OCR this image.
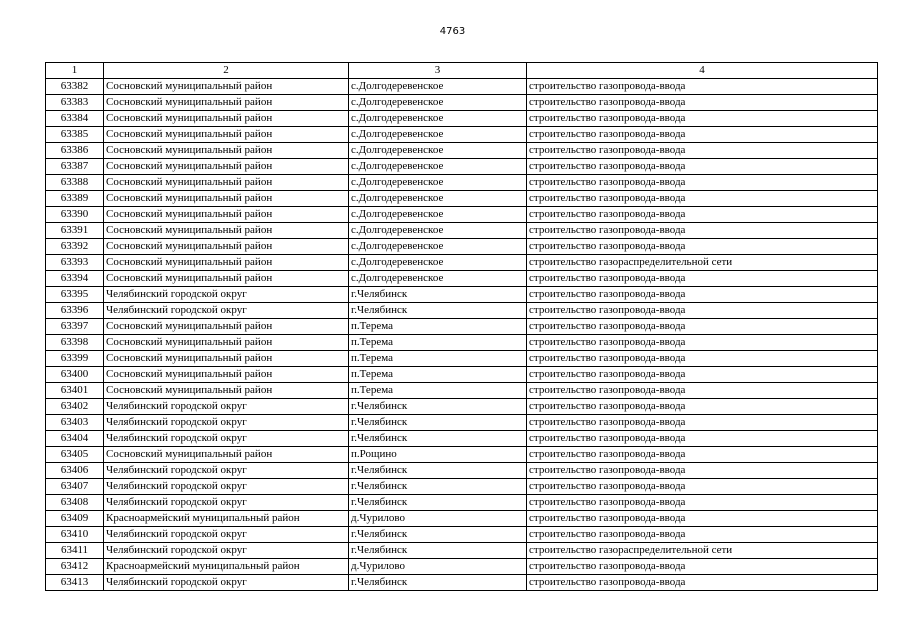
4763
1	2	3	4
63382	Сосновский муниципальный район	с.Долгодеревенское	строительство газопровода-ввода
63383	Сосновский муниципальный район	с.Долгодеревенское	строительство газопровода-ввода
63384	Сосновский муниципальный район	с.Долгодеревенское	строительство газопровода-ввода
63385	Сосновский муниципальный район	с.Долгодеревенское	строительство газопровода-ввода
63386	Сосновский муниципальный район	с.Долгодеревенское	строительство газопровода-ввода
63387	Сосновский муниципальный район	с.Долгодеревенское	строительство газопровода-ввода
63388	Сосновский муниципальный район	с.Долгодеревенское	строительство газопровода-ввода
63389	Сосновский муниципальный район	с.Долгодеревенское	строительство газопровода-ввода
63390	Сосновский муниципальный район	с.Долгодеревенское	строительство газопровода-ввода
63391	Сосновский муниципальный район	с.Долгодеревенское	строительство газопровода-ввода
63392	Сосновский муниципальный район	с.Долгодеревенское	строительство газопровода-ввода
63393	Сосновский муниципальный район	с.Долгодеревенское	строительство газораспределительной сети
63394	Сосновский муниципальный район	с.Долгодеревенское	строительство газопровода-ввода
63395	Челябинский городской округ	г.Челябинск	строительство газопровода-ввода
63396	Челябинский городской округ	г.Челябинск	строительство газопровода-ввода
63397	Сосновский муниципальный район	п.Терема	строительство газопровода-ввода
63398	Сосновский муниципальный район	п.Терема	строительство газопровода-ввода
63399	Сосновский муниципальный район	п.Терема	строительство газопровода-ввода
63400	Сосновский муниципальный район	п.Терема	строительство газопровода-ввода
63401	Сосновский муниципальный район	п.Терема	строительство газопровода-ввода
63402	Челябинский городской округ	г.Челябинск	строительство газопровода-ввода
63403	Челябинский городской округ	г.Челябинск	строительство газопровода-ввода
63404	Челябинский городской округ	г.Челябинск	строительство газопровода-ввода
63405	Сосновский муниципальный район	п.Рощино	строительство газопровода-ввода
63406	Челябинский городской округ	г.Челябинск	строительство газопровода-ввода
63407	Челябинский городской округ	г.Челябинск	строительство газопровода-ввода
63408	Челябинский городской округ	г.Челябинск	строительство газопровода-ввода
63409	Красноармейский муниципальный район	д.Чурилово	строительство газопровода-ввода
63410	Челябинский городской округ	г.Челябинск	строительство газопровода-ввода
63411	Челябинский городской округ	г.Челябинск	строительство газораспределительной сети
63412	Красноармейский муниципальный район	д.Чурилово	строительство газопровода-ввода
63413	Челябинский городской округ	г.Челябинск	строительство газопровода-ввода
